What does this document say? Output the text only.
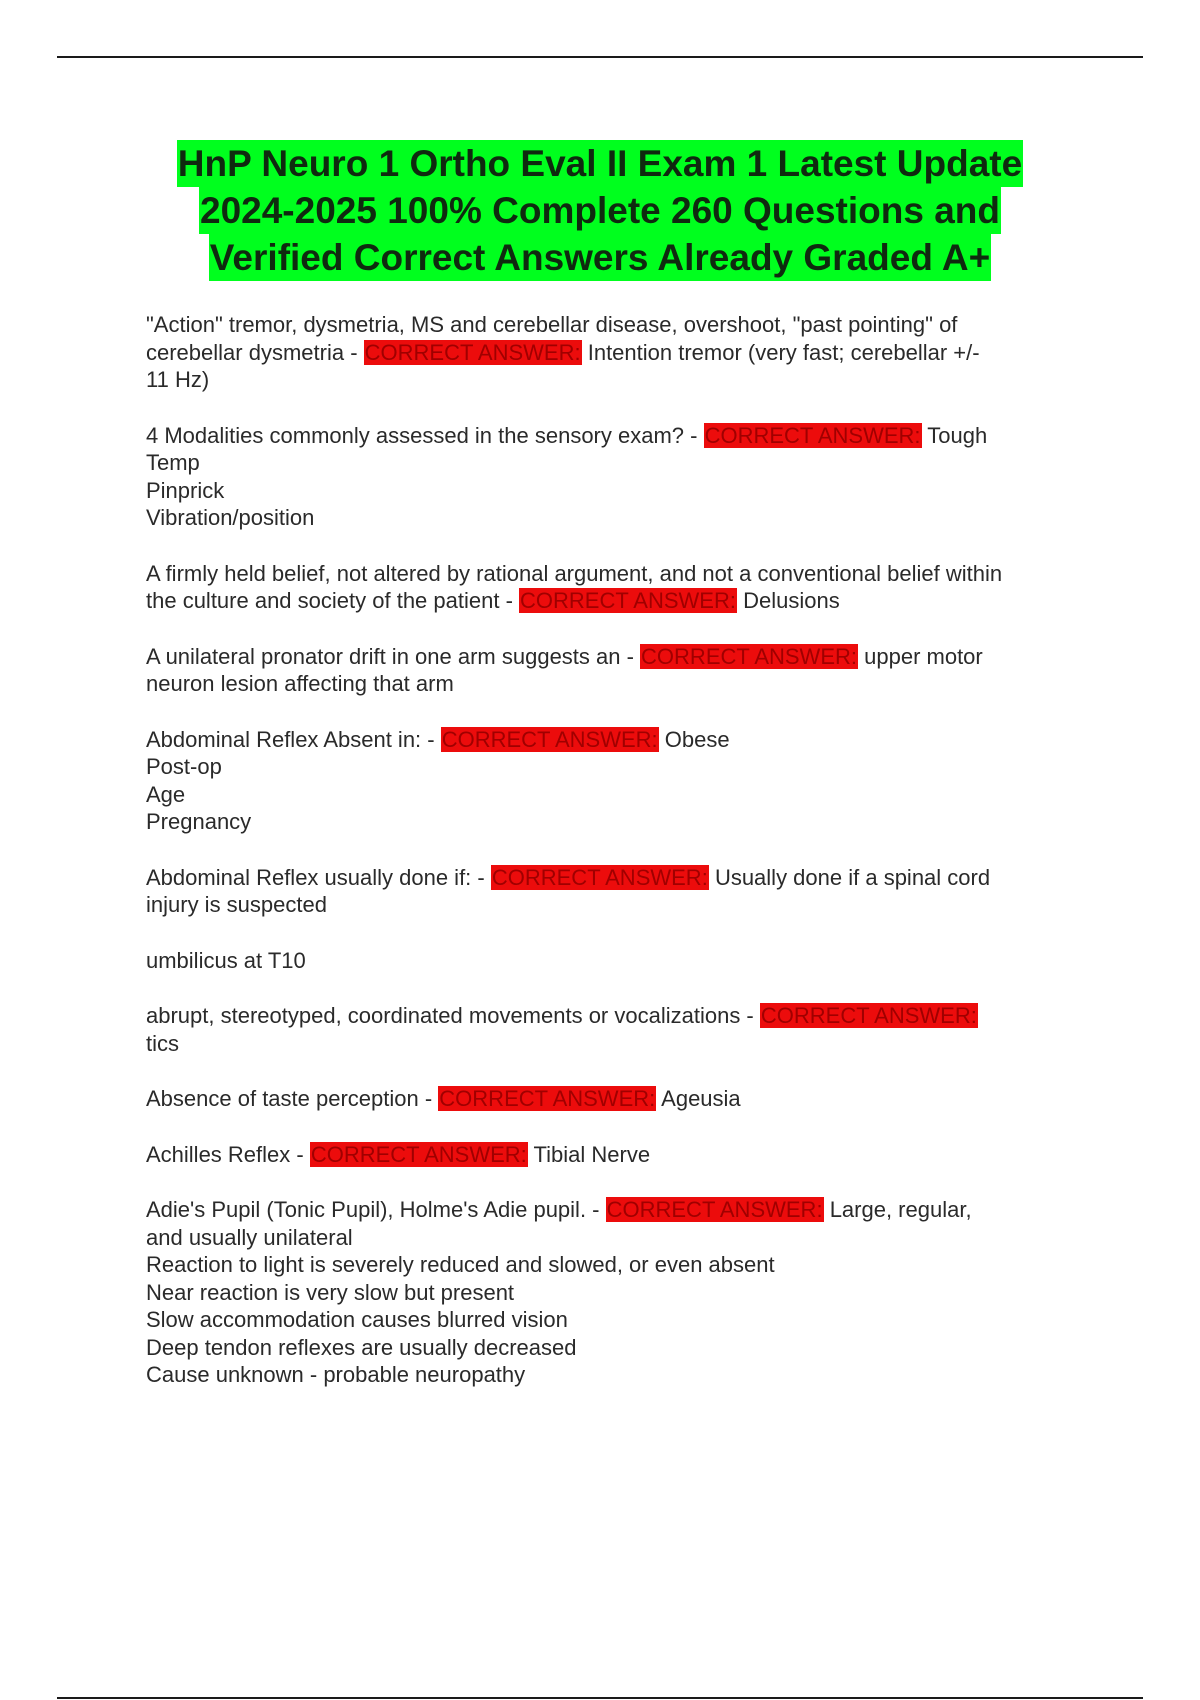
HnP Neuro 1 Ortho Eval II Exam 1 Latest Update
2024-2025 100% Complete 260 Questions and
Verified Correct Answers Already Graded A+
"Action" tremor, dysmetria, MS and cerebellar disease, overshoot, "past pointing" of
cerebellar dysmetria - CORRECT ANSWER: Intention tremor (very fast; cerebellar +/-
11 Hz)
4 Modalities commonly assessed in the sensory exam? - CORRECT ANSWER: Tough
Temp
Pinprick
Vibration/position
A firmly held belief, not altered by rational argument, and not a conventional belief within
the culture and society of the patient - CORRECT ANSWER: Delusions
A unilateral pronator drift in one arm suggests an - CORRECT ANSWER: upper motor
neuron lesion affecting that arm
Abdominal Reflex Absent in: - CORRECT ANSWER: Obese
Post-op
Age
Pregnancy
Abdominal Reflex usually done if: - CORRECT ANSWER: Usually done if a spinal cord
injury is suspected
umbilicus at T10
abrupt, stereotyped, coordinated movements or vocalizations - CORRECT ANSWER:
tics
Absence of taste perception - CORRECT ANSWER: Ageusia
Achilles Reflex - CORRECT ANSWER: Tibial Nerve
Adie's Pupil (Tonic Pupil), Holme's Adie pupil. - CORRECT ANSWER: Large, regular,
and usually unilateral
Reaction to light is severely reduced and slowed, or even absent
Near reaction is very slow but present
Slow accommodation causes blurred vision
Deep tendon reflexes are usually decreased
Cause unknown - probable neuropathy
